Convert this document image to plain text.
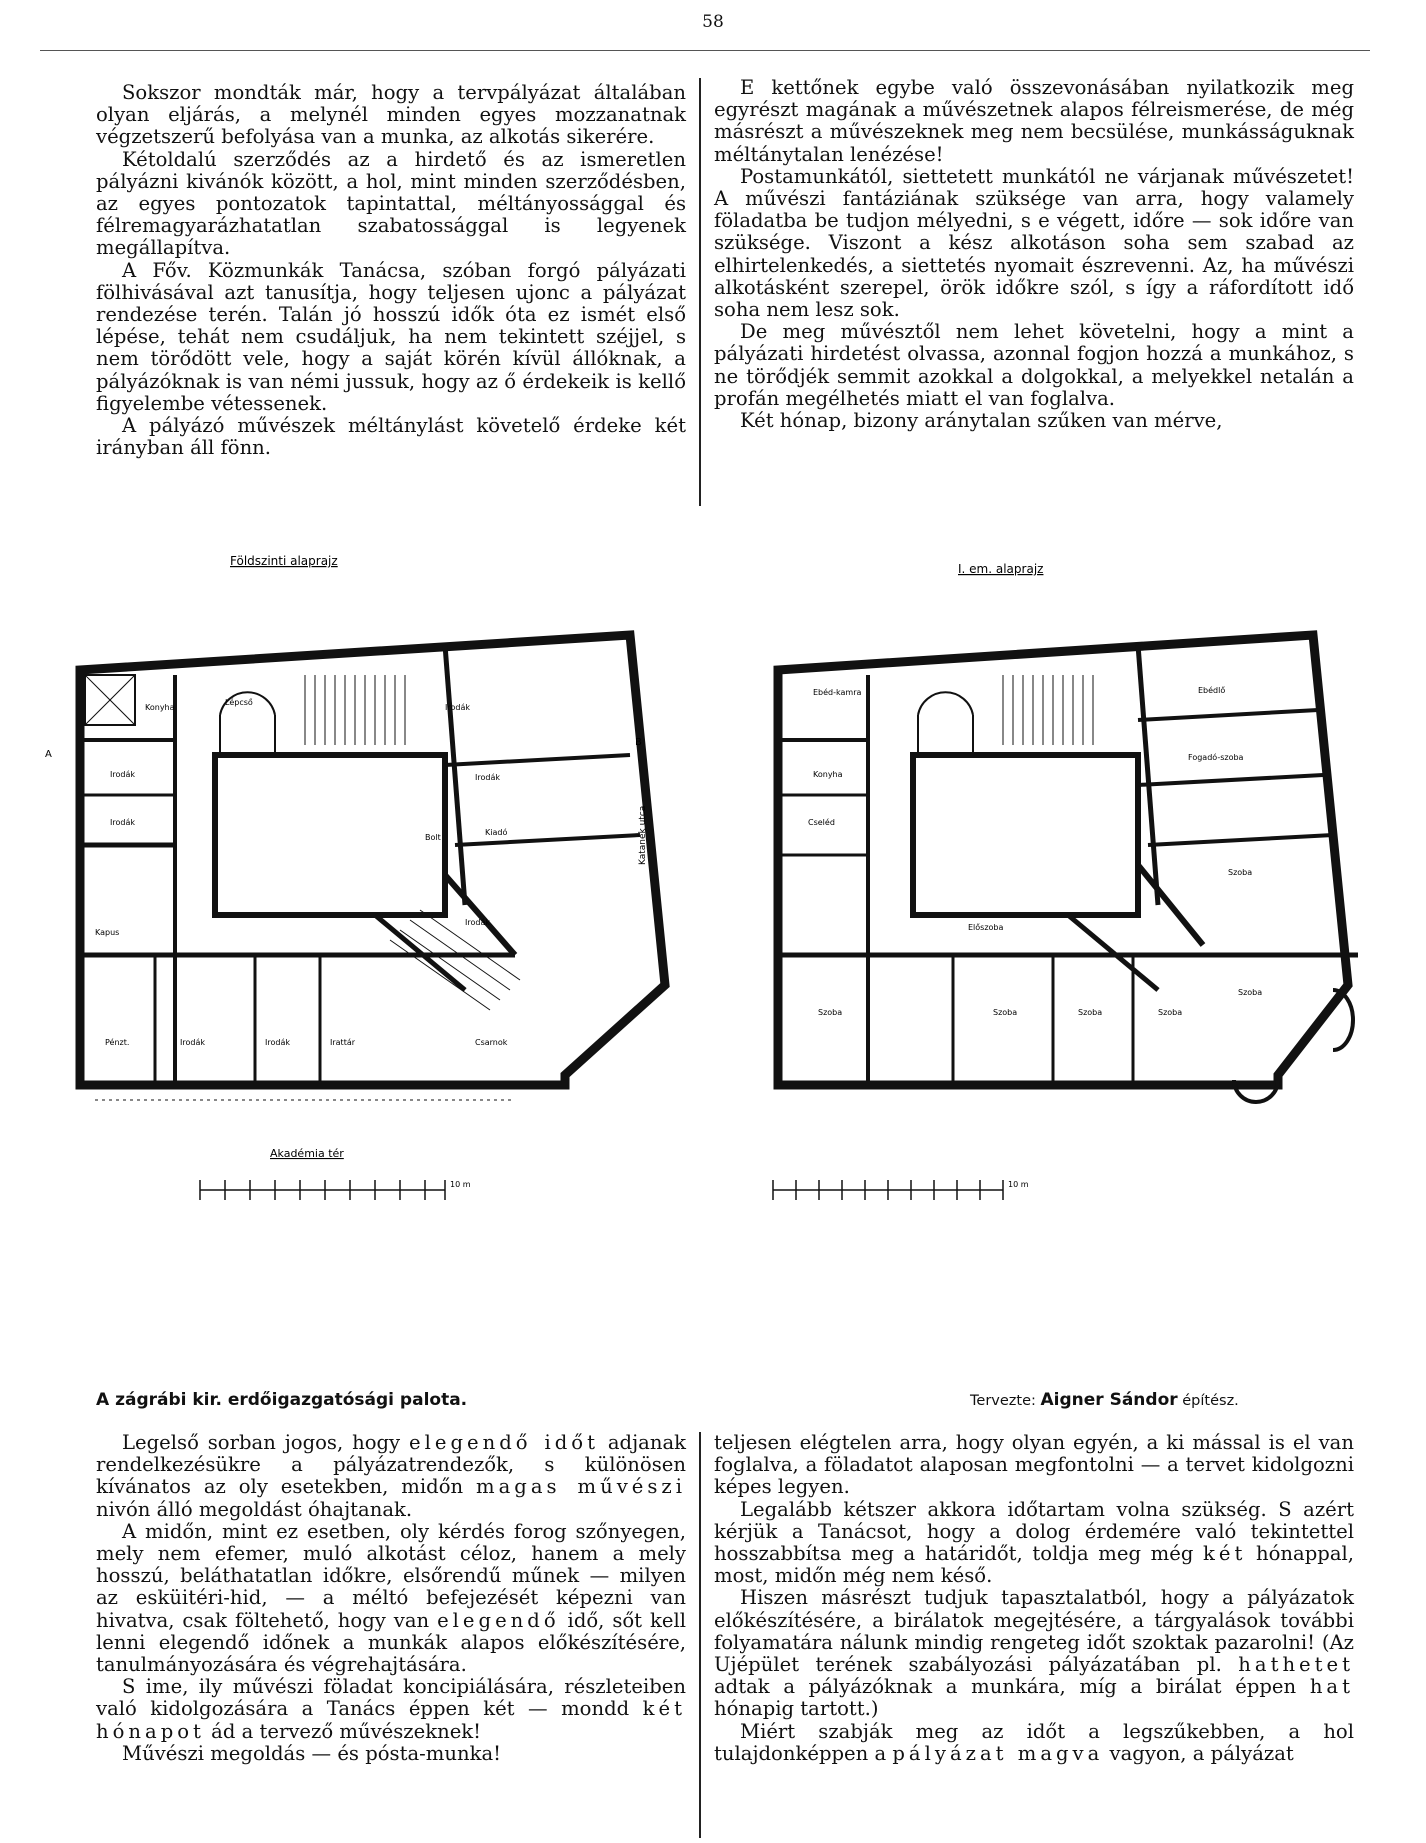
58

Sokszor mondták már, hogy a tervpályázat általában olyan eljárás, a melynél minden egyes mozzanatnak végzetszerű befolyása van a munka, az alkotás sikerére.

Kétoldalú szerződés az a hirdető és az ismeretlen pályázni kivánók között, a hol, mint minden szerződésben, az egyes pontozatok tapintattal, méltányossággal és félremagyarázhatatlan szabatossággal is legyenek megállapítva.

A Főv. Közmunkák Tanácsa, szóban forgó pályázati fölhivásával azt tanusítja, hogy teljesen ujonc a pályázat rendezése terén. Talán jó hosszú idők óta ez ismét első lépése, tehát nem csudáljuk, ha nem tekintett széjjel, s nem törődött vele, hogy a saját körén kívül állóknak, a pályázóknak is van némi jussuk, hogy az ő érdekeik is kellő figyelembe vétessenek.

A pályázó művészek méltánylást követelő érdeke két irányban áll fönn.

E kettőnek egybe való összevonásában nyilatkozik meg egyrészt magának a művészetnek alapos félreismerése, de még másrészt a művészeknek meg nem becsülése, munkásságuknak méltánytalan lenézése!

Postamunkától, siettetett munkától ne várjanak művészetet! A művészi fantáziának szüksége van arra, hogy valamely föladatba be tudjon mélyedni, s e végett, időre — sok időre van szüksége. Viszont a kész alkotáson soha sem szabad az elhirtelenkedés, a siettetés nyomait észrevenni. Az, ha művészi alkotásként szerepel, örök időkre szól, s így a ráfordított idő soha nem lesz sok.

De meg művésztől nem lehet követelni, hogy a mint a pályázati hirdetést olvassa, azonnal fogjon hozzá a munkához, s ne törődjék semmit azokkal a dolgokkal, a melyekkel netalán a profán megélhetés miatt el van foglalva.

Két hónap, bizony aránytalan szűken van mérve,

Földszinti alaprajz
Irodák
Irodák
Kapus
Irodák
Bolt
Kiadó
Irodák
Pénzt.	Irodák	Irodák	Irattár
Irodák
Konyha
Csarnok
Lépcső
A
B
Akadémia tér
Katanék utca
10 m
I. em. alaprajz
Ebéd-kamra
Konyha
Cseléd
Ebédlő
Fogadó-szoba
Szoba
Szoba
Szoba	Szoba	Szoba	Szoba
Előszoba
10 m
A zágrábi kir. erdőigazgatósági palota.	Tervezte: Aigner Sándor építész.

Legelső sorban jogos, hogy elegendő időt adjanak rendelkezésükre a pályázatrendezők, s különösen kívánatos az oly esetekben, midőn magas művészi nivón álló megoldást óhajtanak.

A midőn, mint ez esetben, oly kérdés forog szőnyegen, mely nem efemer, muló alkotást céloz, hanem a mely hosszú, beláthatatlan időkre, elsőrendű műnek — milyen az esküitéri-hid, — a méltó befejezését képezni van hivatva, csak föltehető, hogy van elegendő idő, sőt kell lenni elegendő időnek a munkák alapos előkészítésére, tanulmányozására és végrehajtására.

S ime, ily művészi föladat koncipiálására, részleteiben való kidolgozására a Tanács éppen két — mondd két hónapot ád a tervező művészeknek!

Művészi megoldás — és pósta-munka!

teljesen elégtelen arra, hogy olyan egyén, a ki mással is el van foglalva, a föladatot alaposan megfontolni — a tervet kidolgozni képes legyen.

Legalább kétszer akkora időtartam volna szükség. S azért kérjük a Tanácsot, hogy a dolog érdemére való tekintettel hosszabbítsa meg a határidőt, toldja meg még két hónappal, most, midőn még nem késő.

Hiszen másrészt tudjuk tapasztalatból, hogy a pályázatok előkészítésére, a birálatok megejtésére, a tárgyalások további folyamatára nálunk mindig rengeteg időt szoktak pazarolni! (Az Ujépület terének szabályozási pályázatában pl. hathetet adtak a pályázóknak a munkára, míg a birálat éppen hat hónapig tartott.)

Miért szabják meg az időt a legszűkebben, a hol tulajdonképpen a pályázat magva vagyon, a pályázat
